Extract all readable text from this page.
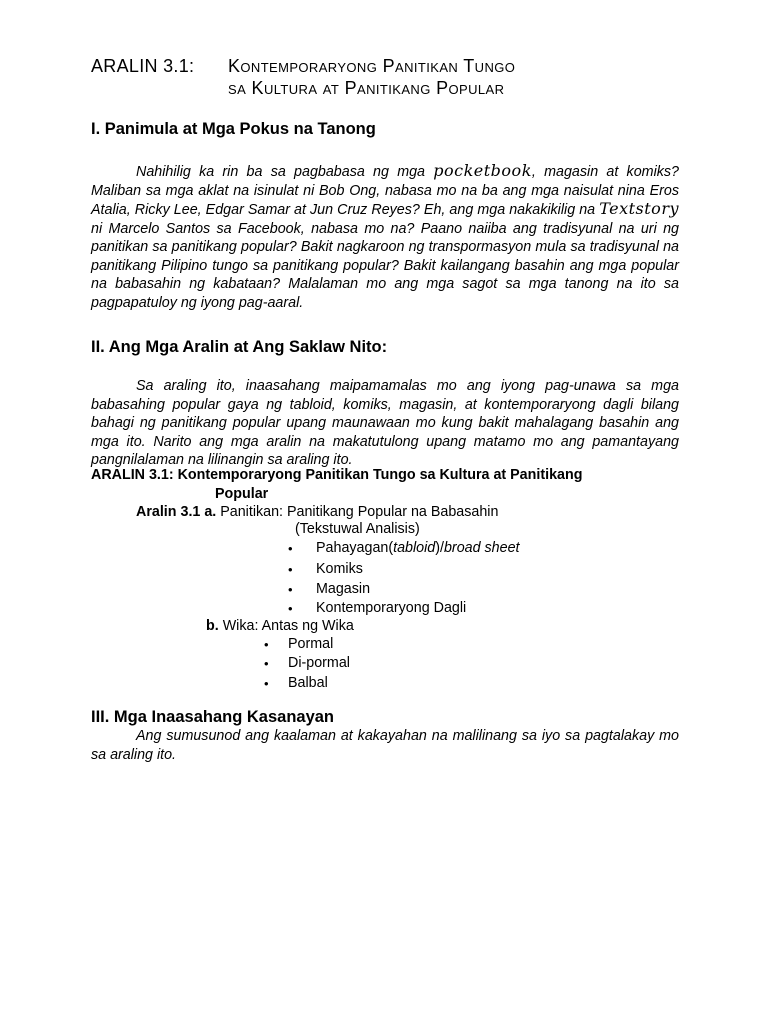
ARALIN 3.1: Kontemporaryong Panitikan Tungo
sa Kultura at Panitikang Popular
I. Panimula at Mga Pokus na Tanong

Nahihilig ka rin ba sa pagbabasa ng mga pocketbook, magasin at komiks? Maliban sa mga aklat na isinulat ni Bob Ong, nabasa mo na ba ang mga naisulat nina Eros Atalia, Ricky Lee, Edgar Samar at Jun Cruz Reyes? Eh, ang mga nakakikilig na Textstory ni Marcelo Santos sa Facebook, nabasa mo na? Paano naiiba ang tradisyunal na uri ng panitikan sa panitikang popular? Bakit nagkaroon ng transpormasyon mula sa tradisyunal na panitikang Pilipino tungo sa panitikang popular? Bakit kailangang basahin ang mga popular na babasahin ng kabataan? Malalaman mo ang mga sagot sa mga tanong na ito sa pagpapatuloy ng iyong pag-aaral.

II. Ang Mga Aralin at Ang Saklaw Nito:

Sa araling ito, inaasahang maipamamalas mo ang iyong pag-unawa sa mga babasahing popular gaya ng tabloid, komiks, magasin, at kontemporaryong dagli bilang bahagi ng panitikang popular upang maunawaan mo kung bakit mahalagang basahin ang mga ito. Narito ang mga aralin na makatutulong upang matamo mo ang pamantayang pangnilalaman na lilinangin sa araling ito.

ARALIN 3.1: Kontemporaryong Panitikan Tungo sa Kultura at Panitikang
Popular
Aralin 3.1 a. Panitikan: Panitikang Popular na Babasahin
(Tekstuwal Analisis)
• Pahayagan(tabloid)/broad sheet
• Komiks
• Magasin
• Kontemporaryong Dagli
b. Wika: Antas ng Wika
• Pormal
• Di-pormal
• Balbal
III. Mga Inaasahang Kasanayan

Ang sumusunod ang kaalaman at kakayahan na malilinang sa iyo sa pagtalakay mo sa araling ito.
